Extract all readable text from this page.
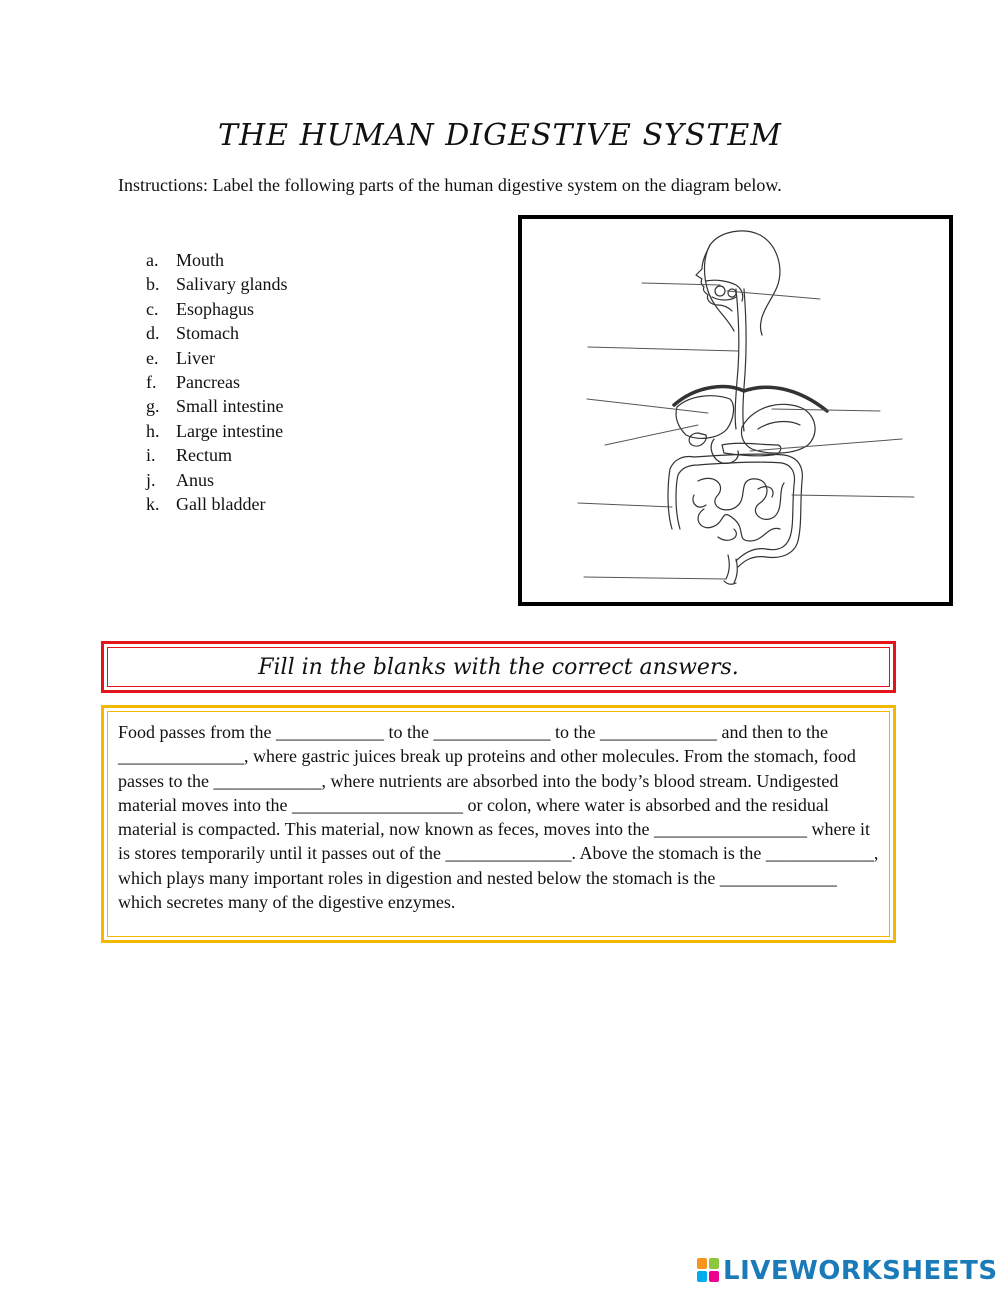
THE HUMAN DIGESTIVE SYSTEM
Instructions: Label the following parts of the human digestive system on the diagram below.
a. Mouth
b. Salivary glands
c. Esophagus
d. Stomach
e. Liver
f.	Pancreas
g. Small intestine
h. Large intestine
i.	Rectum
j.	Anus
k. Gall bladder
Fill in the blanks with the correct answers.

Food passes from the ____________ to the _____________ to the _____________ and then to the ______________, where gastric juices break up proteins and other molecules. From the stomach, food passes to the ____________, where nutrients are absorbed into the body’s blood stream. Undigested material moves into the ___________________ or colon, where water is absorbed and the residual material is compacted. This material, now known as feces, moves into the _________________ where it is stores temporarily until it passes out of the ______________. Above the stomach is the ____________, which plays many important roles in digestion and nested below the stomach is the _____________ which secretes many of the digestive enzymes.

LIVEWORKSHEETS
